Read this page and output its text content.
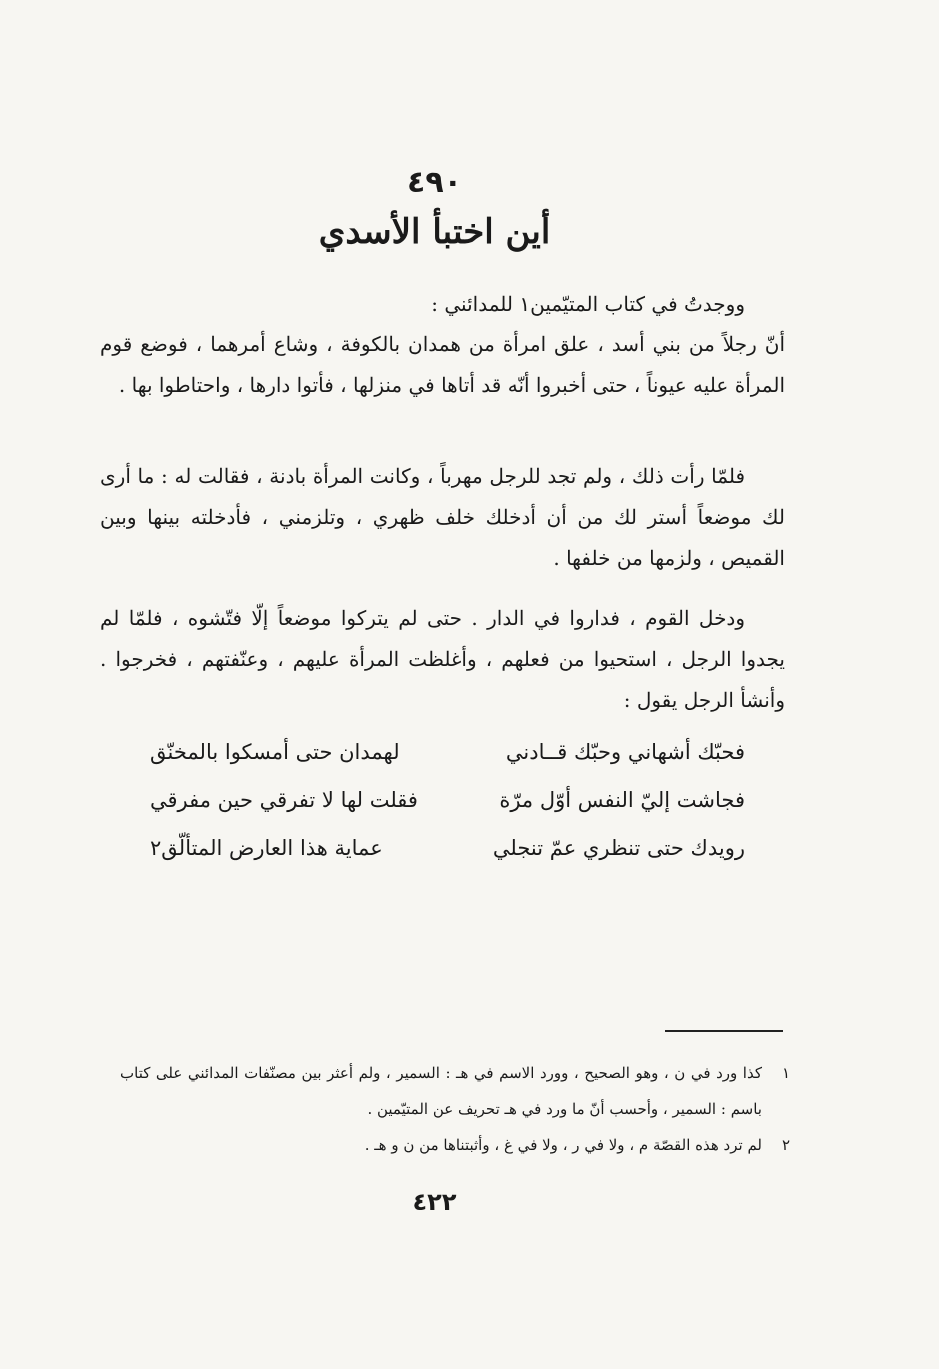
٤٩٠
أين اختبأ الأسدي

ووجدتُ في كتاب المتيّمين١ للمدائني :

أنّ رجلاً من بني أسد ، علق امرأة من همدان بالكوفة ، وشاع أمرهما ، فوضع قوم المرأة عليه عيوناً ، حتى أخبروا أنّه قد أتاها في منزلها ، فأتوا دارها ، واحتاطوا بها .

فلمّا رأت ذلك ، ولم تجد للرجل مهرباً ، وكانت المرأة بادنة ، فقالت له : ما أرى لك موضعاً أستر لك من أن أدخلك خلف ظهري ، وتلزمني ، فأدخلته بينها وبين القميص ، ولزمها من خلفها .

ودخل القوم ، فداروا في الدار . حتى لم يتركوا موضعاً إلّا فتّشوه ، فلمّا لم يجدوا الرجل ، استحيوا من فعلهم ، وأغلظت المرأة عليهم ، وعنّفتهم ، فخرجوا . وأنشأ الرجل يقول :

فحبّك أشهاني وحبّك قــادني
لهمدان حتى أمسكوا بالمخنّق
فجاشت إليّ النفس أوّل مرّة
فقلت لها لا تفرقي حين مفرقي
رويدك حتى تنظري عمّ تنجلي
عماية هذا العارض المتألّق٢
١
كذا ورد في ن ، وهو الصحيح ، وورد الاسم في هـ : السمير ، ولم أعثر بين مصنّفات المدائني على كتاب باسم : السمير ، وأحسب أنّ ما ورد في هـ تحريف عن المتيّمين .
٢
لم ترد هذه القصّة م ، ولا في ر ، ولا في غ ، وأثبتناها من ن و هـ .
٤٢٢
